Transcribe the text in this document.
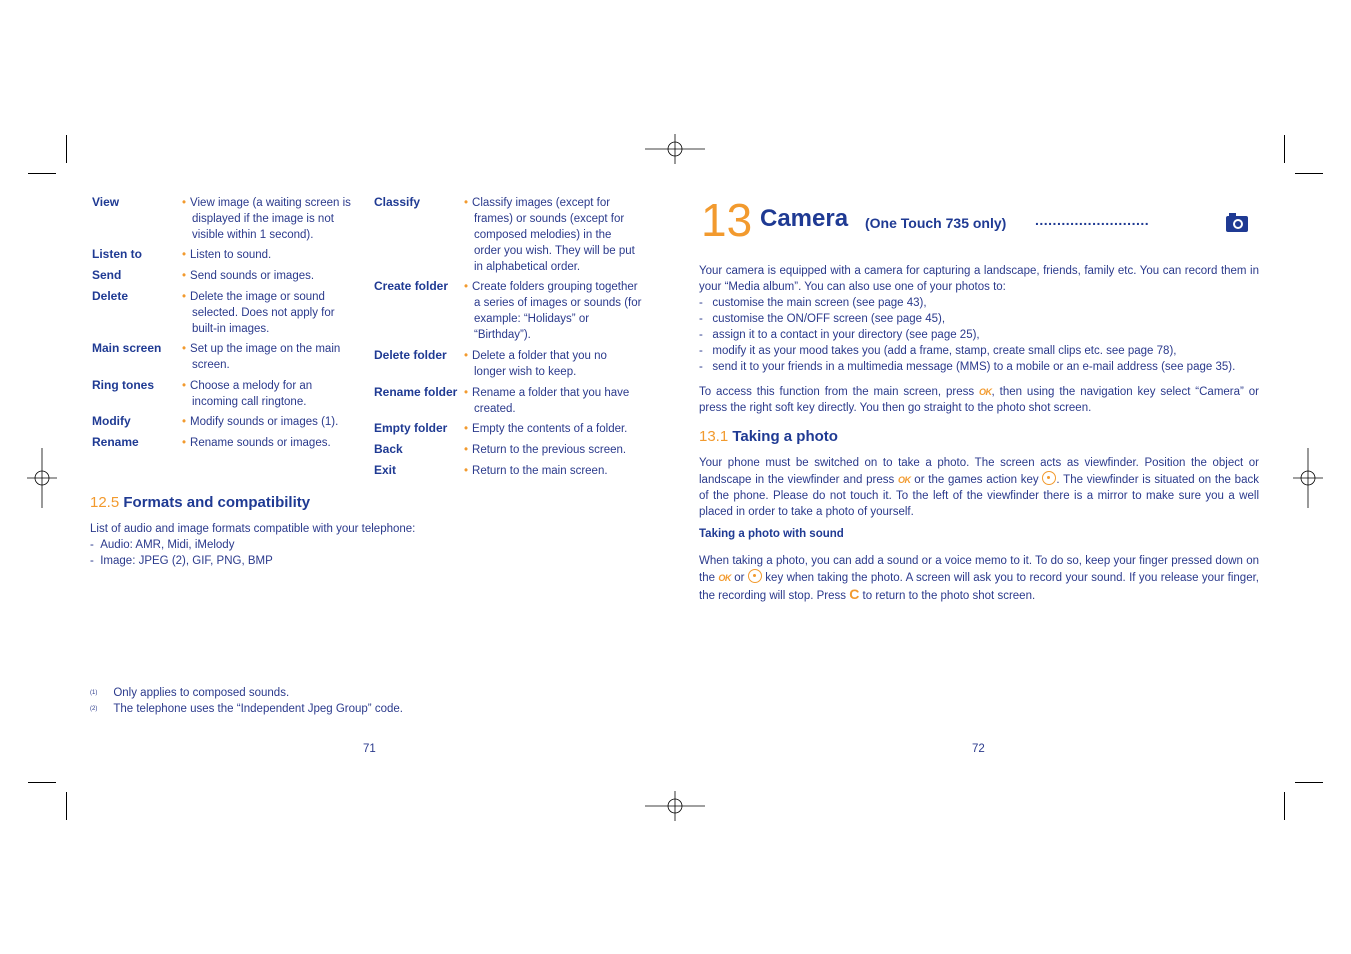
View	• View image (a waiting screen is
displayed if the image is not
visible within 1 second).
Listen to	• Listen to sound.
Send	• Send sounds or images.
Delete	• Delete the image or sound
selected. Does not apply for
built-in images.
Main screen • Set up the image on the main
screen.
Ring tones • Choose a melody for an
incoming call ringtone.
Modify	• Modify sounds or images (1).
Rename	• Rename sounds or images.
Classify	• Classify images (except for
frames) or sounds (except for
composed melodies) in the
order you wish. They will be put
in alphabetical order.
Create folder • Create folders grouping together
a series of images or sounds (for
example: “Holidays” or
“Birthday”).
Delete folder • Delete a folder that you no
longer wish to keep.
Rename folder • Rename a folder that you have
created.
Empty folder • Empty the contents of a folder.
Back	• Return to the previous screen.
Exit	• Return to the main screen.
12.5 Formats and compatibility
List of audio and image formats compatible with your telephone:
-  Audio: AMR, Midi, iMelody
-  Image: JPEG (2), GIF, PNG, BMP
$^{(1)}$ Only applies to composed sounds.
$^{(2)}$ The telephone uses the “Independent Jpeg Group” code.
71
13 Camera (One Touch 735 only) ..........................
Your camera is equipped with a camera for capturing a landscape, friends, family etc. You can record them in your “Media album”. You can also use one of your photos to:
-   customise the main screen (see page 43),
-   customise the ON/OFF screen (see page 45),
-   assign it to a contact in your directory (see page 25),
-   modify it as your mood takes you (add a frame, stamp, create small clips etc. see page 78),
-   send it to your friends in a multimedia message (MMS) to a mobile or an e-mail address (see page 35).
To access this function from the main screen, press OK, then using the navigation key select “Camera” or press the right soft key directly. You then go straight to the photo shot screen.
13.1 Taking a photo
Your phone must be switched on to take a photo. The screen acts as viewfinder. Position the object or landscape in the viewfinder and press OK or the games action key . The viewfinder is situated on the back of the phone. Please do not touch it. To the left of the viewfinder there is a mirror to make sure you a well placed in order to take a photo of yourself.
Taking a photo with sound
When taking a photo, you can add a sound or a voice memo to it. To do so, keep your finger pressed down on the OK or key when taking the photo. A screen will ask you to record your sound. If you release your finger, the recording will stop. Press C to return to the photo shot screen.
72
